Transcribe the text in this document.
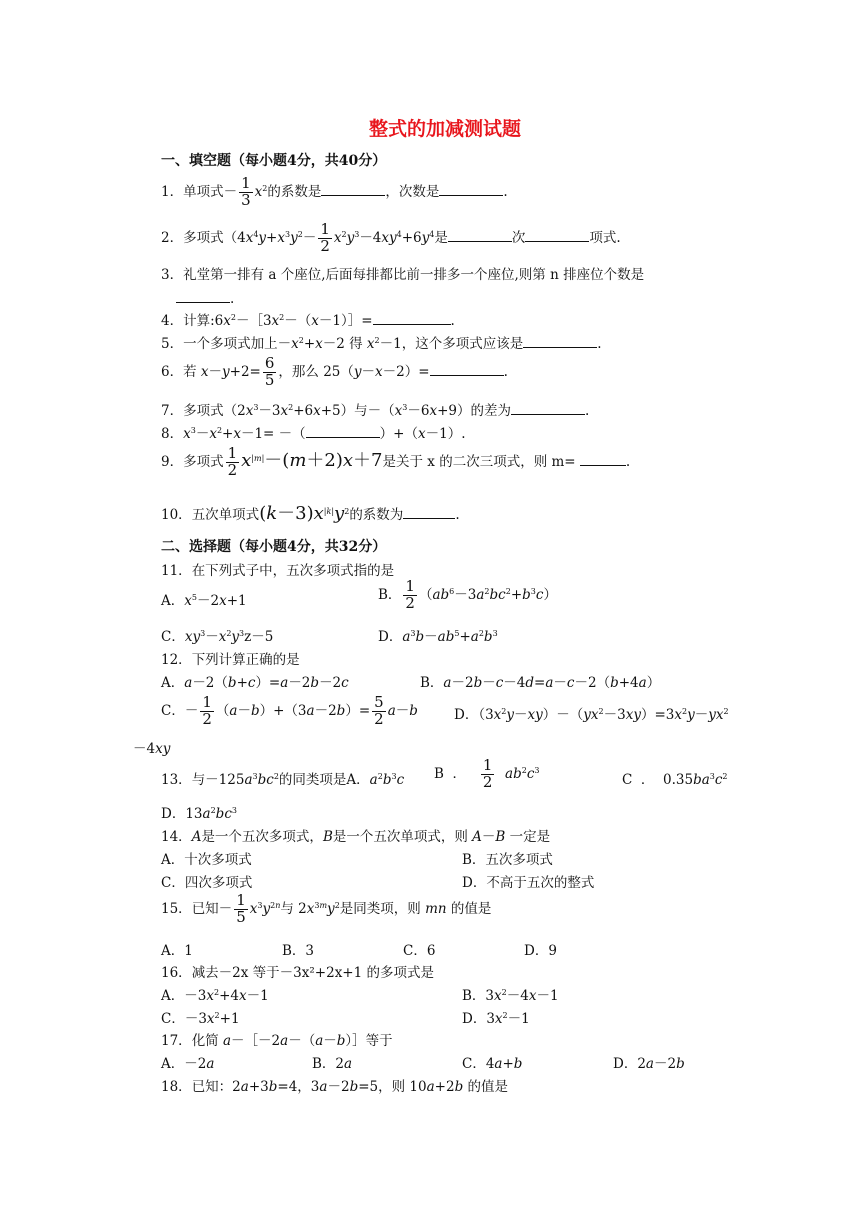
整式的加减测试题
一、填空题（每小题4分，共40分）
1．单项式－ $\frac{1}{3} x^2$的系数是	，次数是	.
2．多项式（$4x^4y+x^3y^2- \frac{1}{2} x^2y^3-4xy^4+6y^4$是	次	项式.
3．礼堂第一排有 a 个座位,后面每排都比前一排多一个座位,则第 n 排座位个数是
.
4．计算$:6x^2-[3x^2-(x-1)]=$	.
5．一个多项式加上$-x^2+x-2$ 得 $x^2-1$，这个多项式应该是	.
6．若 $x-y+2= \frac{6}{5}$ ，那么 25（y－x－2）=	.
7．多项式$(2x^3-3x^2+6x+5)$与$-(x^3-6x+9)$的差为	.
8．$x^3-x^2+x-1=$ －（	）+（x－1）.
9．多项式 $\frac{1}{2} x^{|m|}-(m+2)x+7$是关于 x 的二次三项式，则 m=	.
10．五次单项式$(k-3)x^{|k|}y^2$的系数为	.
二、选择题（每小题4分，共32分）
11．在下列式子中，五次多项式指的是
A．$x^5-2x+1$	B． $\frac{1}{2} (ab^6-3a^2bc^2+b^3c)$
C．$xy^3-x^2y^3z-5$	D．$a^3b-ab^5+a^2b^3$
12．下列计算正确的是
A．a－2（b+c）=a－2b－2c	B．a－2b－c－4d=a－c－2（b+4a）
C．－ $\frac{1}{2} (a-b)+(3a-2b)= \frac{5}{2} a-b$	D．$(3x^2y-xy)-(yx^2-3xy)=3x^2y-yx^2$
－4xy
13．与$-125a^3bc^2$的同类项是A．$a^2b^3c$ B  ． $\frac{1}{2} ab^2c^3$
C  ．  $0.35ba^3c^2$
D．$13a^2bc^3$
14．A是一个五次多项式，B是一个五次单项式，则 A－B 一定是
A．十次多项式	B．五次多项式
C．四次多项式	D．不高于五次的整式
15．已知－ $\frac{1}{5} x^3y^{2n}$与 $2x^{3m}y^2$是同类项，则 mn 的值是
A．1	B．3	C．6	D．9
16．减去－2x 等于－3x²+2x+1 的多项式是
A．$-3x^2+4x-1$	B．$3x^2-4x-1$
C．$-3x^2+1$	D．$3x^2-1$
17．化简 a－［－2a－（a－b）］等于
A．－2a	B．2a	C．4a+b	D．2a－2b
18．已知：2a+3b=4，3a－2b=5，则 10a+2b 的值是
